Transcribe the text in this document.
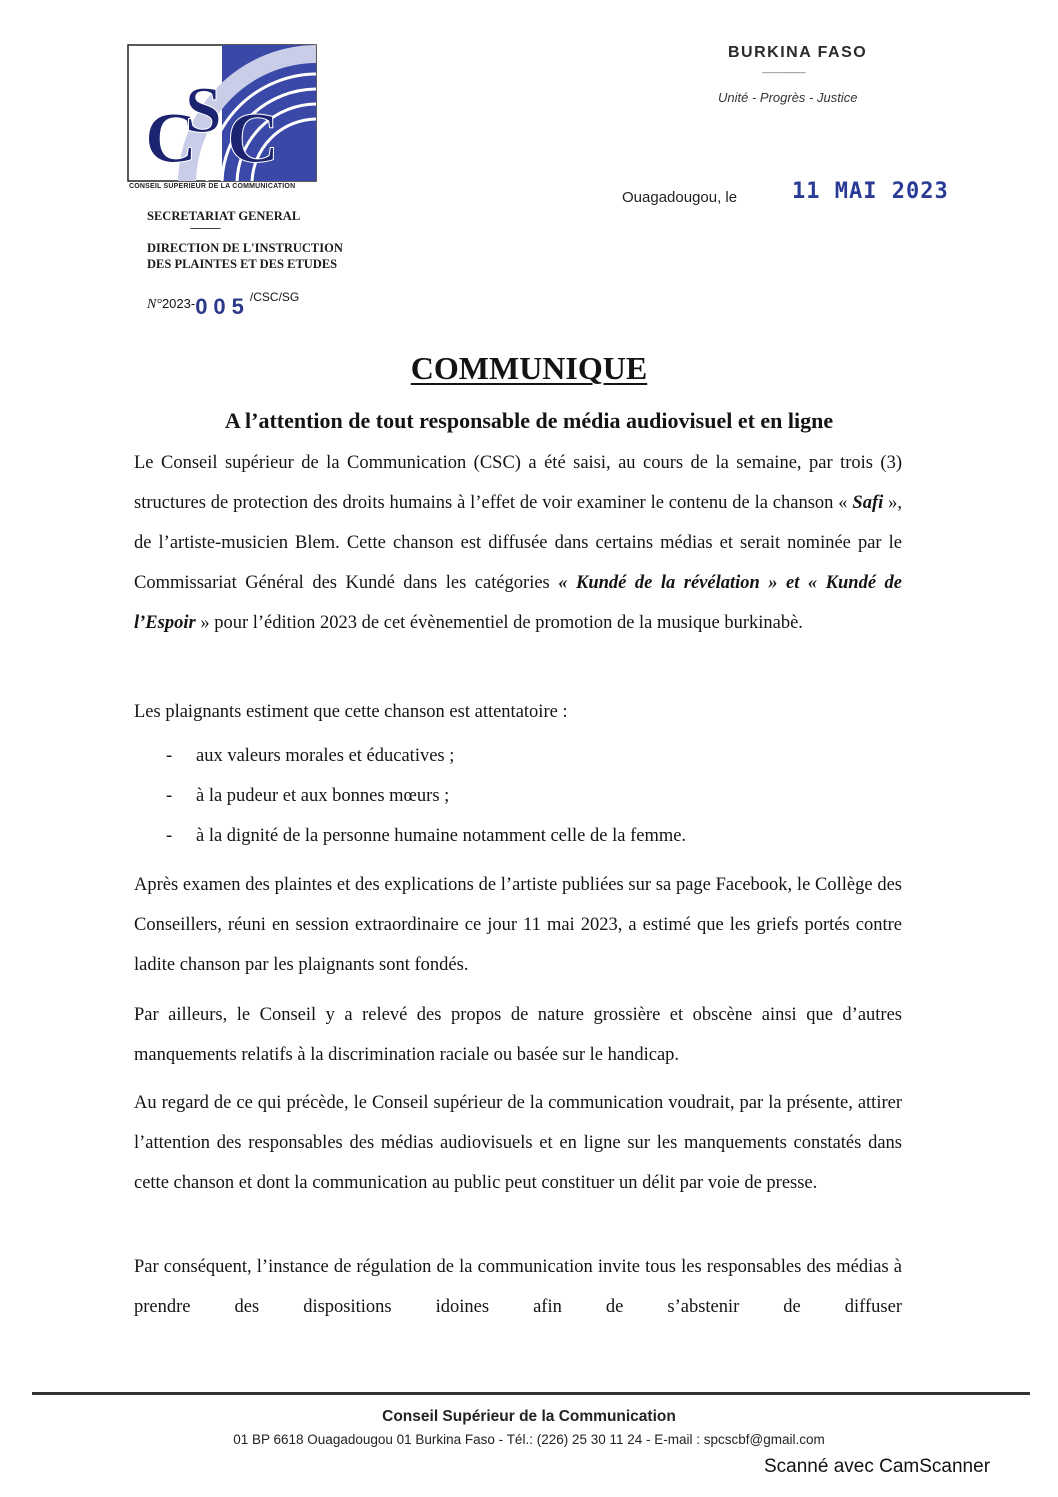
C
S C
CONSEIL SUPERIEUR DE LA COMMUNICATION
SECRETARIAT GENERAL
---------------
DIRECTION DE L'INSTRUCTION
DES PLAINTES ET DES ETUDES
N°2023-005/CSC/SG
BURKINA FASO
--------------------
Unité - Progrès - Justice
Ouagadougou, le 11 MAI 2023
COMMUNIQUE
A l’attention de tout responsable de média audiovisuel et en ligne

Le Conseil supérieur de la Communication (CSC) a été saisi, au cours de la semaine, par trois (3) structures de protection des droits humains à l’effet de voir examiner le contenu de la chanson « Safi », de l’artiste-musicien Blem. Cette chanson est diffusée dans certains médias et serait nominée par le Commissariat Général des Kundé dans les catégories « Kundé de la révélation » et « Kundé de l’Espoir » pour l’édition 2023 de cet évènementiel de promotion de la musique burkinabè.

Les plaignants estiment que cette chanson est attentatoire :

- aux valeurs morales et éducatives ;
- à la pudeur et aux bonnes mœurs ;
- à la dignité de la personne humaine notamment celle de la femme.

Après examen des plaintes et des explications de l’artiste publiées sur sa page Facebook, le Collège des Conseillers, réuni en session extraordinaire ce jour 11 mai 2023, a estimé que les griefs portés contre ladite chanson par les plaignants sont fondés.

Par ailleurs, le Conseil y a relevé des propos de nature grossière et obscène ainsi que d’autres manquements relatifs à la discrimination raciale ou basée sur le handicap.

Au regard de ce qui précède, le Conseil supérieur de la communication voudrait, par la présente, attirer l’attention des responsables des médias audiovisuels et en ligne sur les manquements constatés dans cette chanson et dont la communication au public peut constituer un délit par voie de presse.

Par conséquent, l’instance de régulation de la communication invite tous les responsables des médias à prendre des dispositions idoines afin de s’abstenir de diffuser

Conseil Supérieur de la Communication
01 BP 6618 Ouagadougou 01 Burkina Faso - Tél.: (226) 25 30 11 24 - E-mail : spcscbf@gmail.com
Scanné avec CamScanner
